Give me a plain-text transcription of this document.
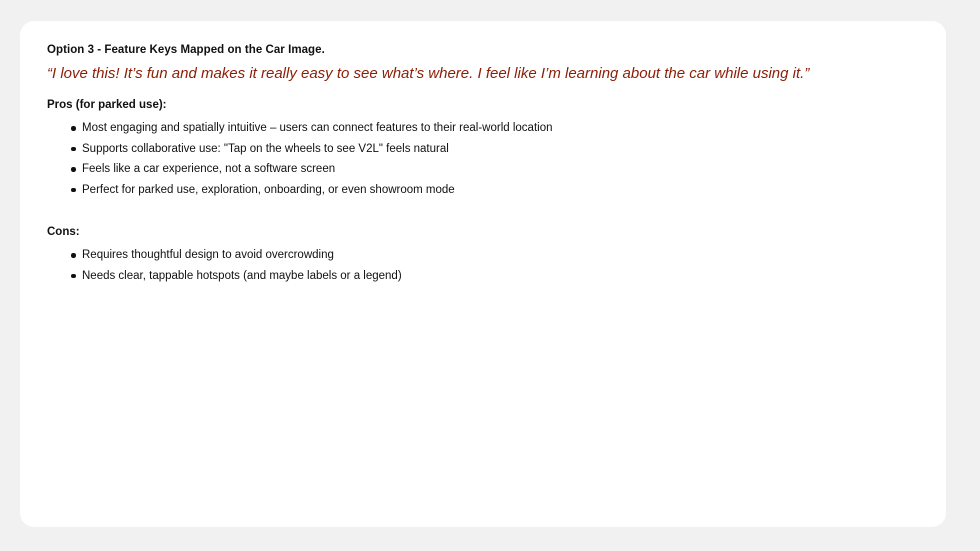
Option 3 - Feature Keys Mapped on the Car Image.

“I love this! It’s fun and makes it really easy to see what’s where. I feel like I’m learning about the car while using it.”

Pros (for parked use):

Most engaging and spatially intuitive – users can connect features to their real-world location
Supports collaborative use: "Tap on the wheels to see V2L" feels natural
Feels like a car experience, not a software screen
Perfect for parked use, exploration, onboarding, or even showroom mode

Cons:

Requires thoughtful design to avoid overcrowding
Needs clear, tappable hotspots (and maybe labels or a legend)
